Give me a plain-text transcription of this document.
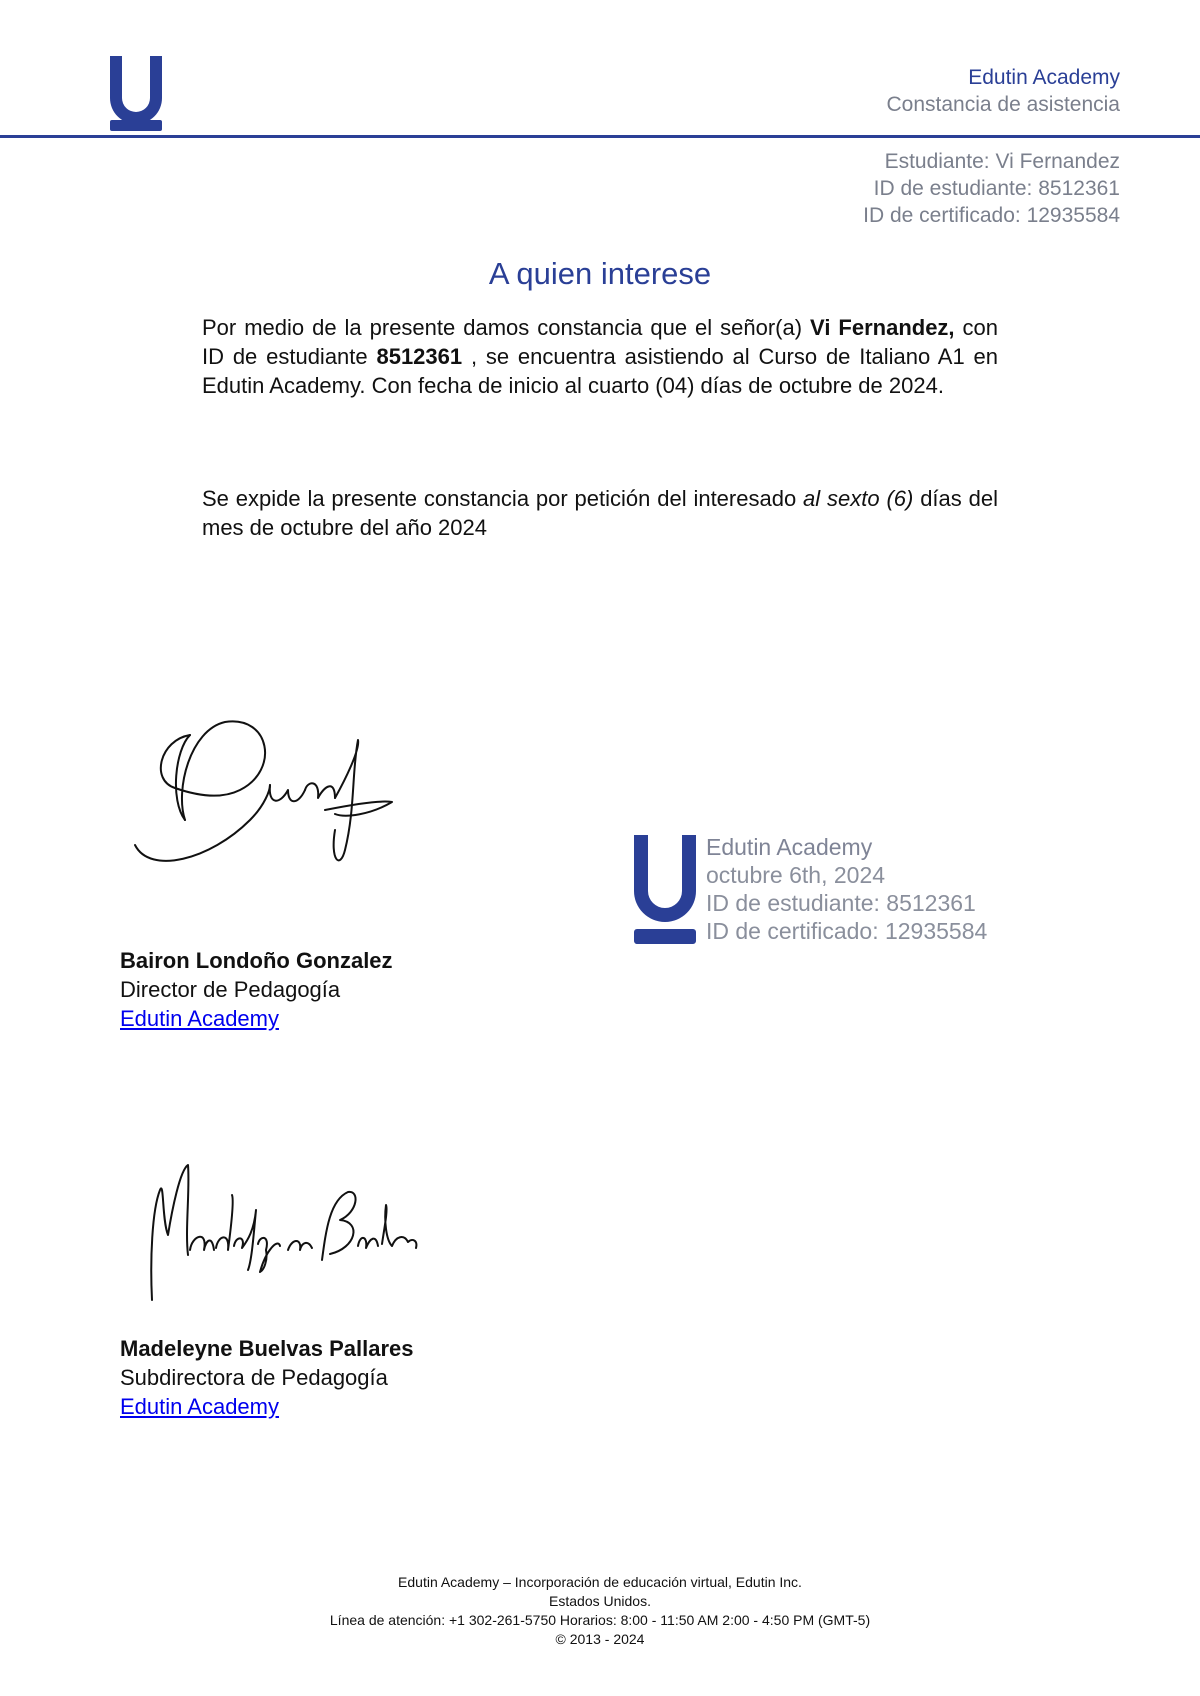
Edutin Academy
Constancia de asistencia
Estudiante: Vi Fernandez
ID de estudiante: 8512361
ID de certificado: 12935584
A quien interese
Por medio de la presente damos constancia que el señor(a) Vi Fernandez, con ID de estudiante 8512361 , se encuentra asistiendo al Curso de Italiano A1 en Edutin Academy. Con fecha de inicio al cuarto (04) días de octubre de 2024.
Se expide la presente constancia por petición del interesado al sexto (6) días del mes de octubre del año 2024
Bairon Londoño Gonzalez
Director de Pedagogía
Edutin Academy
Edutin Academy
octubre 6th, 2024
ID de estudiante: 8512361
ID de certificado: 12935584
Madeleyne Buelvas Pallares
Subdirectora de Pedagogía
Edutin Academy
Edutin Academy – Incorporación de educación virtual, Edutin Inc.
Estados Unidos.
Línea de atención: +1 302-261-5750 Horarios: 8:00 - 11:50 AM 2:00 - 4:50 PM (GMT-5)
© 2013 - 2024
